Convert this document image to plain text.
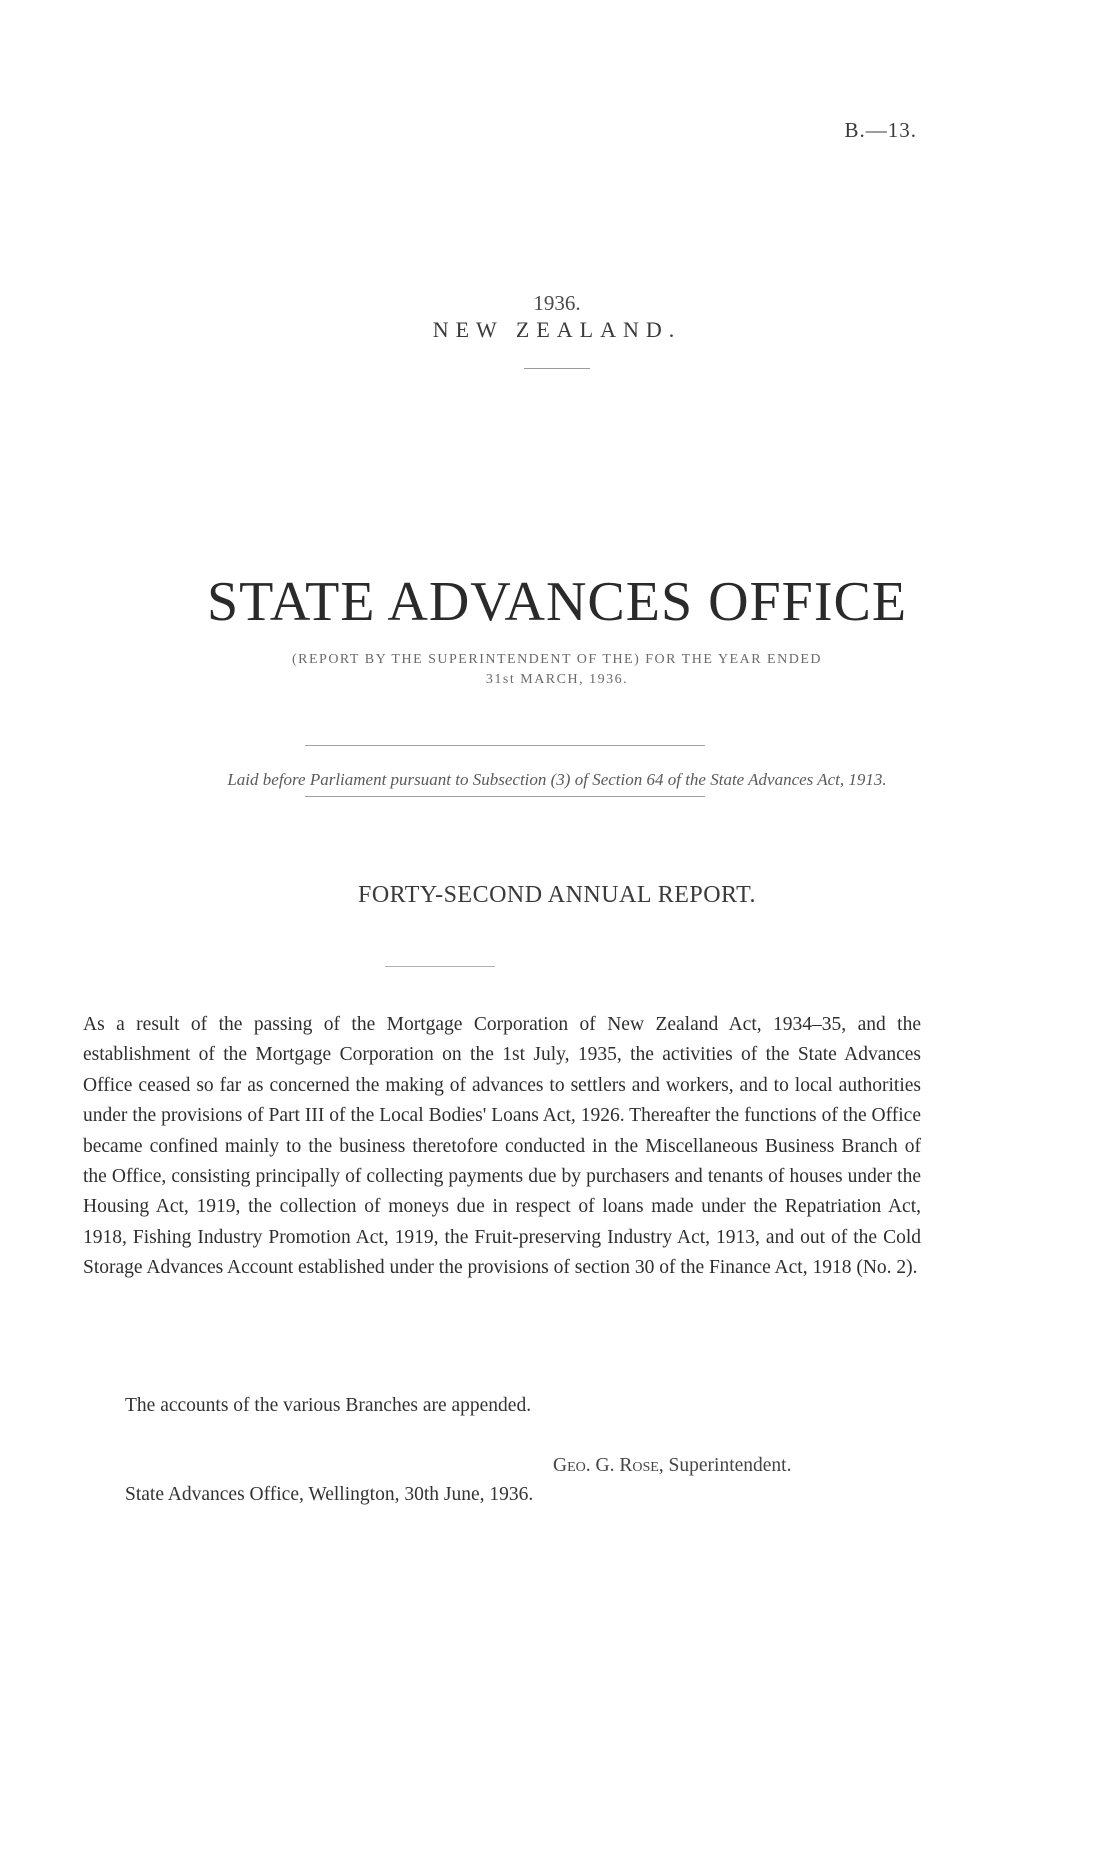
B.—13.
1936.
NEW ZEALAND.
STATE ADVANCES OFFICE
(REPORT BY THE SUPERINTENDENT OF THE) FOR THE YEAR ENDED
31st MARCH, 1936.
Laid before Parliament pursuant to Subsection (3) of Section 64 of the State Advances Act, 1913.
FORTY-SECOND ANNUAL REPORT.
As a result of the passing of the Mortgage Corporation of New Zealand Act, 1934–35, and the establishment of the Mortgage Corporation on the 1st July, 1935, the activities of the State Advances Office ceased so far as concerned the making of advances to settlers and workers, and to local authorities under the provisions of Part III of the Local Bodies' Loans Act, 1926. Thereafter the functions of the Office became confined mainly to the business theretofore conducted in the Miscellaneous Business Branch of the Office, consisting principally of collecting payments due by purchasers and tenants of houses under the Housing Act, 1919, the collection of moneys due in respect of loans made under the Repatriation Act, 1918, Fishing Industry Promotion Act, 1919, the Fruit-preserving Industry Act, 1913, and out of the Cold Storage Advances Account established under the provisions of section 30 of the Finance Act, 1918 (No. 2).
The accounts of the various Branches are appended.
Geo. G. Rose, Superintendent.
State Advances Office, Wellington, 30th June, 1936.
